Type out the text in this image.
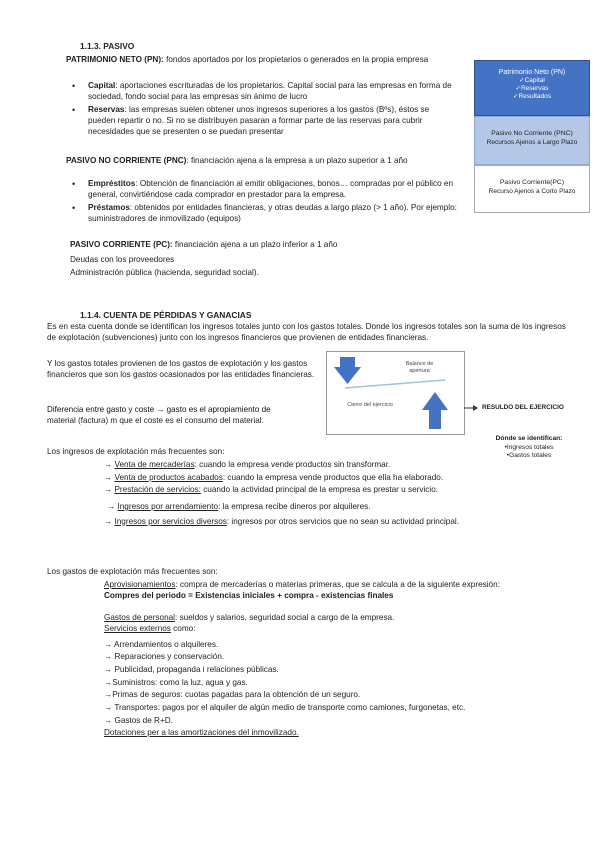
1.1.3. PASIVO
PATRIMONIO NETO (PN): fondos aportados por los propietarios o generados en la propia empresa
• Capital: aportaciones escrituradas de los propietarios. Capital social para las empresas en forma de sociedad, fondo social para las empresas sin ánimo de lucro
• Reservas: las empresas suelen obtener unos ingresos superiores a los gastos (Bºs), éstos se pueden repartir o no. Si no se distribuyen pasaran a formar parte de las reservas para cubrir necesidades que se presenten o se puedan presentar
PASIVO NO CORRIENTE (PNC): financiación ajena a la empresa a un plazo superior a 1 año
• Empréstitos: Obtención de financiación al emitir obligaciones, bonos… compradas por el público en general, convirtiéndose cada comprador en prestador para la empresa.
• Préstamos: obtenidos por entidades financieras, y otras deudas a largo plazo (> 1 año). Por ejemplo: suministradores de inmovilizado (equipos)
PASIVO CORRIENTE (PC): financiación ajena a un plazo inferior a 1 año
Deudas con los proveedores
Administración pública (hacienda, seguridad social).
Patrimonio Neto (PN)
✓Capital
✓Reservas
✓Resultados
Pasivo No Corriente (PNC)
Recursos Ajenos a Largo Plazo
Pasivo Corriente(PC)
Recurso Ajenos a Corto Plazo
1.1.4. CUENTA DE PÉRDIDAS Y GANACIAS
Es en esta cuenta donde se identifican los ingresos totales junto con los gastos totales. Donde los ingresos totales son la suma de los ingresos de explotación (subvenciones) junto con los ingresos financieros que provienen de entidades financieras.
Y los gastos totales provienen de los gastos de explotación y los gastos financieros que son los gastos ocasionados por las entidades financieras.
Diferencia entre gasto y coste → gasto es el apropiamiento de
material (factura) m que el coste es el consumo del material.
Balance de apertura
Cierre del ejercicio	RESULDO DEL EJERCICIO
Dónde se identifican:
•Ingresos totales
•Gastos totales
Los ingresos de explotación más frecuentes son:
→ Venta de mercaderías: cuando la empresa vende productos sin transformar.
→ Venta de productos acabados: cuando la empresa vende productos que ella ha elaborado.
→ Prestación de servicios: cuando la actividad principal de la empresa es prestar u servicio.
→ Ingresos por arrendamiento: la empresa recibe dineros por alquileres.
→ Ingresos por servicios diversos: ingresos por otros servicios que no sean su actividad principal.
Los gastos de explotación más frecuentes son:
Aprovisionamientos: compra de mercaderías o materias primeras, que se calcula a de la siguiente expresión:
Compres del periodo = Existencias iniciales + compra - existencias finales
Gastos de personal: sueldos y salarios, seguridad social a cargo de la empresa.
Servicios externos como:
→ Arrendamientos o alquileres.
→ Reparaciones y conservación.
→ Publicidad, propaganda i relaciones públicas.
→Suministros: como la luz, agua y gas.
→Primas de seguros: cuotas pagadas para la obtención de un seguro.
→ Transportes: pagos por el alquiler de algún medio de transporte como camiones, furgonetas, etc.
→ Gastos de R+D.
Dotaciones per a las amortizaciones del inmovilizado.
